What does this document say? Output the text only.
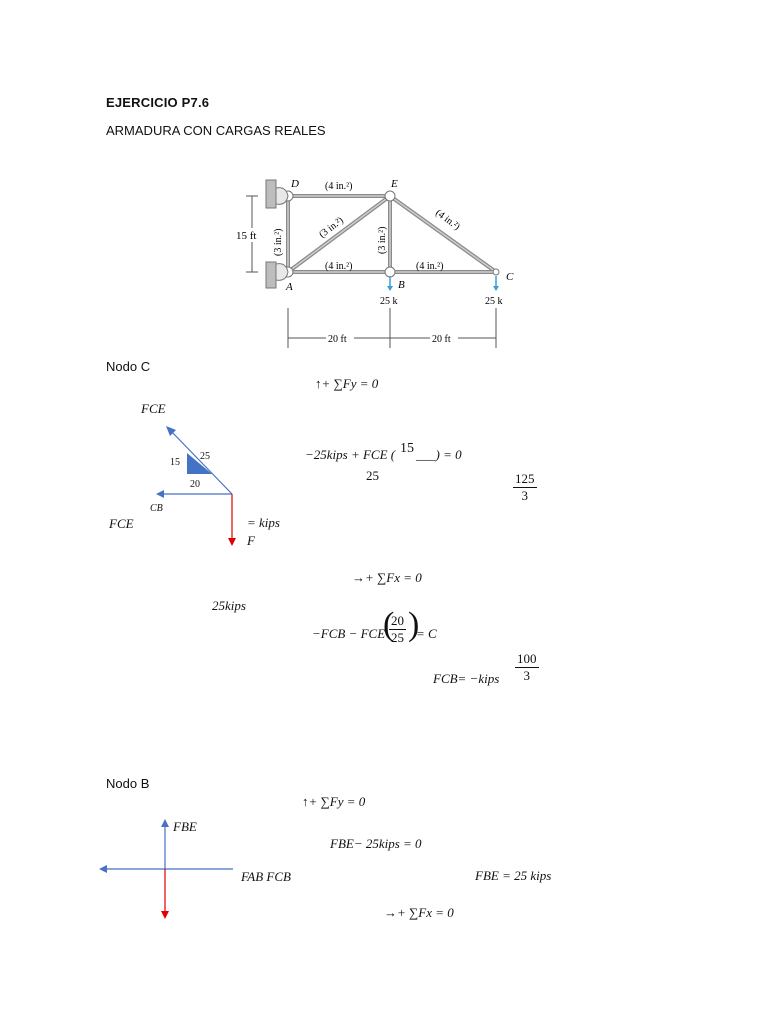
EJERCICIO P7.6
ARMADURA CON CARGAS REALES
D	E
A	B
C
(4 in.²)
(4 in.²)	(4 in.²)
(3 in.²)	(4 in.²)
(3 in.²)	(3 in.²)
15 ft
25 k	25 k
20 ft	20 ft
Nodo C
↑+ ∑Fy = 0
FCE
15
25
20
CB
FCE	= kips
F
−25kips + FCE ( 15 ___) = 0
25	$\frac{125}{3}$
→+ ∑Fx = 0
25kips
−FCB − FCE
(
$\frac{20}{25}$ )
= C
FCB= −kips $\frac{100}{3}$
Nodo B
↑+ ∑Fy = 0
FBE
FBE− 25kips = 0
FAB FCB	FBE = 25 kips
→+ ∑Fx = 0
